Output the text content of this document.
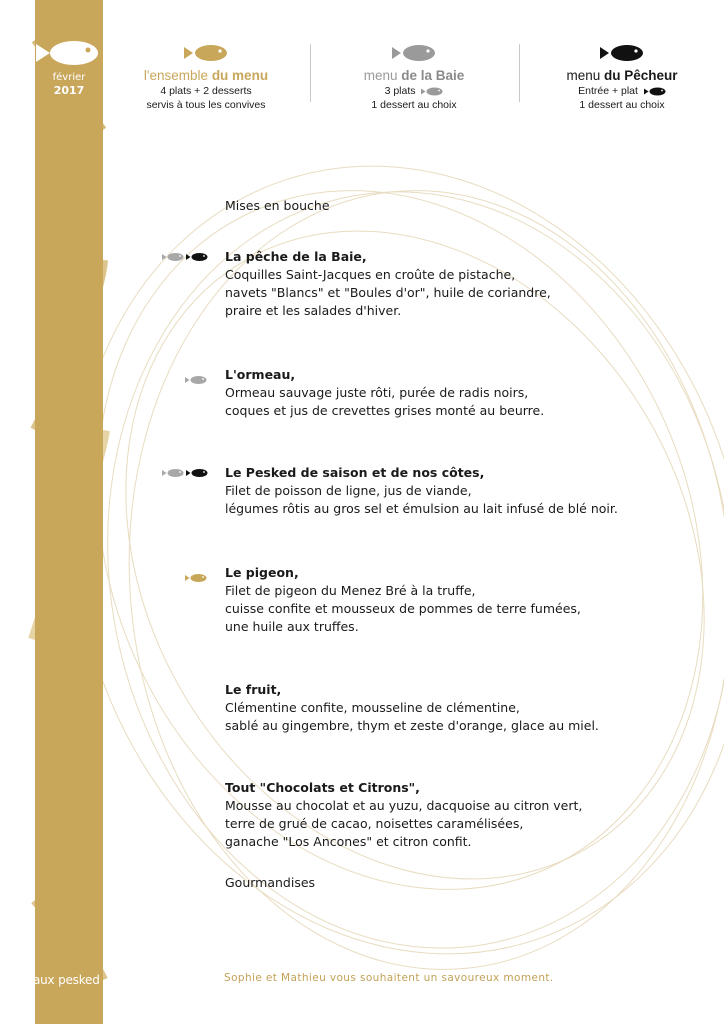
février
2017
aux pesked
l'ensemble du menu
4 plats + 2 desserts
servis à tous les convives
menu de la Baie
3 plats
1 dessert au choix
menu du Pêcheur
Entrée + plat
1 dessert au choix
Mises en bouche
La pêche de la Baie,
Coquilles Saint-Jacques en croûte de pistache,
navets "Blancs" et "Boules d'or", huile de coriandre,
praire et les salades d'hiver.
L'ormeau,
Ormeau sauvage juste rôti, purée de radis noirs,
coques et jus de crevettes grises monté au beurre.
Le Pesked de saison et de nos côtes,
Filet de poisson de ligne, jus de viande,
légumes rôtis au gros sel et émulsion au lait infusé de blé noir.
Le pigeon,
Filet de pigeon du Menez Bré à la truffe,
cuisse confite et mousseux de pommes de terre fumées,
une huile aux truffes.
Le fruit,
Clémentine confite, mousseline de clémentine,
sablé au gingembre, thym et zeste d'orange, glace au miel.
Tout "Chocolats et Citrons",
Mousse au chocolat et au yuzu, dacquoise au citron vert,
terre de grué de cacao, noisettes caramélisées,
ganache "Los Ancones" et citron confit.
Gourmandises
Sophie et Mathieu vous souhaitent un savoureux moment.
